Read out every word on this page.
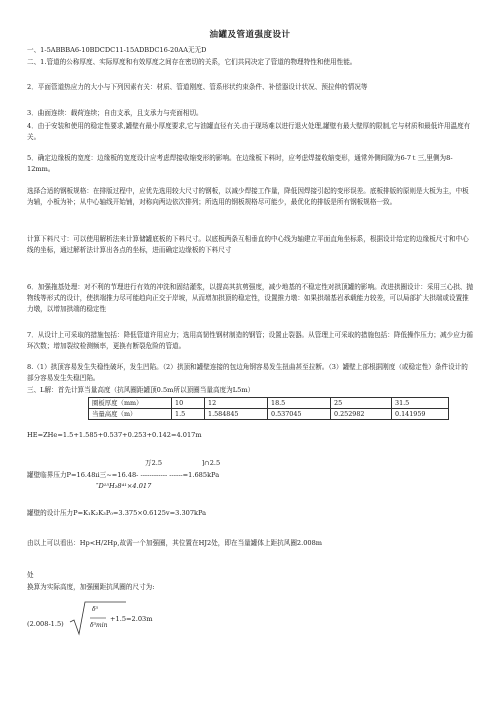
油罐及管道强度设计

一、1-5ABBBA6-10BDCDC11-15ADBDC16-20AA无无D

二、1.管道的公称厚度、实际厚度和有效厚度之间存在密切的关系，它们共同决定了管道的物理特性和使用性能。

2．平面管道热应力的大小与下列因素有关：材质、管道刚度、管系形状约束条件、补偿器设计状况、预拉伸的情况等

3．曲面连续：载荷连续；自由支承，且支承力与壳面相切。

4．由于安装和使用的稳定性要求,罐壁有最小厚度要求,它与油罐直径有关.由于现场难以进行退火处理,罐壁有最大壁厚的限制,它与材质和最低许用温度有关。

5．确定边缘板的宽度：边缘板的宽度设计应考虑焊接收缩变形的影响。在边缘板下料时，应考虑焊接收缩变形，通常外侧间隙为6-7ｔ三,里侧为8-12mm。

选择合适的钢板规格：在排版过程中，应优先选用较大尺寸的钢板，以减少焊接工作量，降低因焊接引起的变形误差。底板排版的原则是大板为主，中板为辅，小板为补；从中心轴线开始铺，对称向两边依次排列；所选用的钢板规格尽可能少，最优化的排版是所有钢板规格一致。

计算下料尺寸：可以使用解析法来计算储罐底板的下料尺寸。以底板两条互相垂直的中心线为轴建立平面直角坐标系，根据设计给定的边缘板尺寸和中心线的坐标，通过解析法计算出各点的坐标，进而确定边缘板的下料尺寸

6．加强拖基处理：对不利的节理进行有效的冲洗和固结灌浆，以提高其抗剪强度，减少地基的不稳定性对拱顶罐的影响。改进拱圈设计：采用三心拱、抛物线等形式的设计，使拱端推力尽可能趋向正交于岸坡，从而增加拱顶的稳定性，设置推力墩：如果拱端基岩承载能力较差，可以局部扩大拱端或设置推力墩，以增加拱端的稳定性

7．从设计上可采取的措施包括：降低管道许用应力；选用高韧性钢材制造的钢管；设置止裂器。从管理上可采取的措施包括：降低操作压力；减少应力循环次数；增加裂纹检测频率，更换有断裂危险的管道。

8.（1）拱顶容易发生失稳性破坏，发生凹陷。（2）拱顶和罐壁连接的包边角钢容易发生扭曲甚至拉断。（3）罐壁上部根据刚度（或稳定性）条件设计的部分容易发生失稳凹陷。

三、L解：首先计算当量高度（抗风圈距罐顶0.5m所以顶圈当量高度为L5m）

圈板厚度（mm）	10	12	18.5	25	31.5
当量高度（m）	1.5	1.584845	0.537045	0.252982	0.141959
HE=ZHe=1.5+1.585+0.537+0.253+0.142=4.017m
万2.5　　　　　　]∩2.5
罐壁临界压力P=16.48ıi三~=16.48- ------------ ------=1.685kPa
″D¹⁵H₂8⁴¹×4.017
罐壁的设计压力P=K₁K₂K₃P₀=3.375×0.6125v=3.307kPa
由以上可以看出：Hp<H/2Hp,故需一个加强圈，其位置在HJ2处，即在当量罐体上距抗风圈2.008m
处
换算为实际高度，加强圈距抗风圈的尺寸为:
(2.008-1.5)
δ⁵
δ⁵min
+1.5=2.03m
